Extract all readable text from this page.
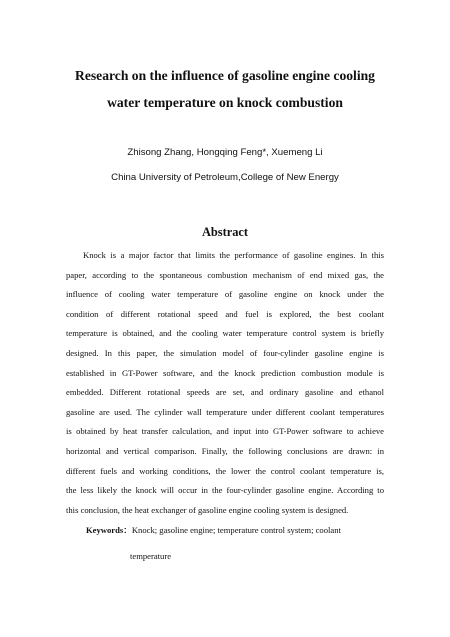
Research on the influence of gasoline engine cooling
water temperature on knock combustion
Zhisong Zhang, Hongqing Feng*, Xuemeng Li
China University of Petroleum,College of New Energy
Abstract
Knock is a major factor that limits the performance of gasoline engines. In this
paper, according to the spontaneous combustion mechanism of end mixed gas, the
influence of cooling water temperature of gasoline engine on knock under the
condition of different rotational speed and fuel is explored, the best coolant
temperature is obtained, and the cooling water temperature control system is briefly
designed. In this paper, the simulation model of four-cylinder gasoline engine is
established in GT-Power software, and the knock prediction combustion module is
embedded. Different rotational speeds are set, and ordinary gasoline and ethanol
gasoline are used. The cylinder wall temperature under different coolant temperatures
is obtained by heat transfer calculation, and input into GT-Power software to achieve
horizontal and vertical comparison. Finally, the following conclusions are drawn: in
different fuels and working conditions, the lower the control coolant temperature is,
the less likely the knock will occur in the four-cylinder gasoline engine. According to
this conclusion, the heat exchanger of gasoline engine cooling system is designed.
Keywords：Knock; gasoline engine; temperature control system; coolant
temperature
